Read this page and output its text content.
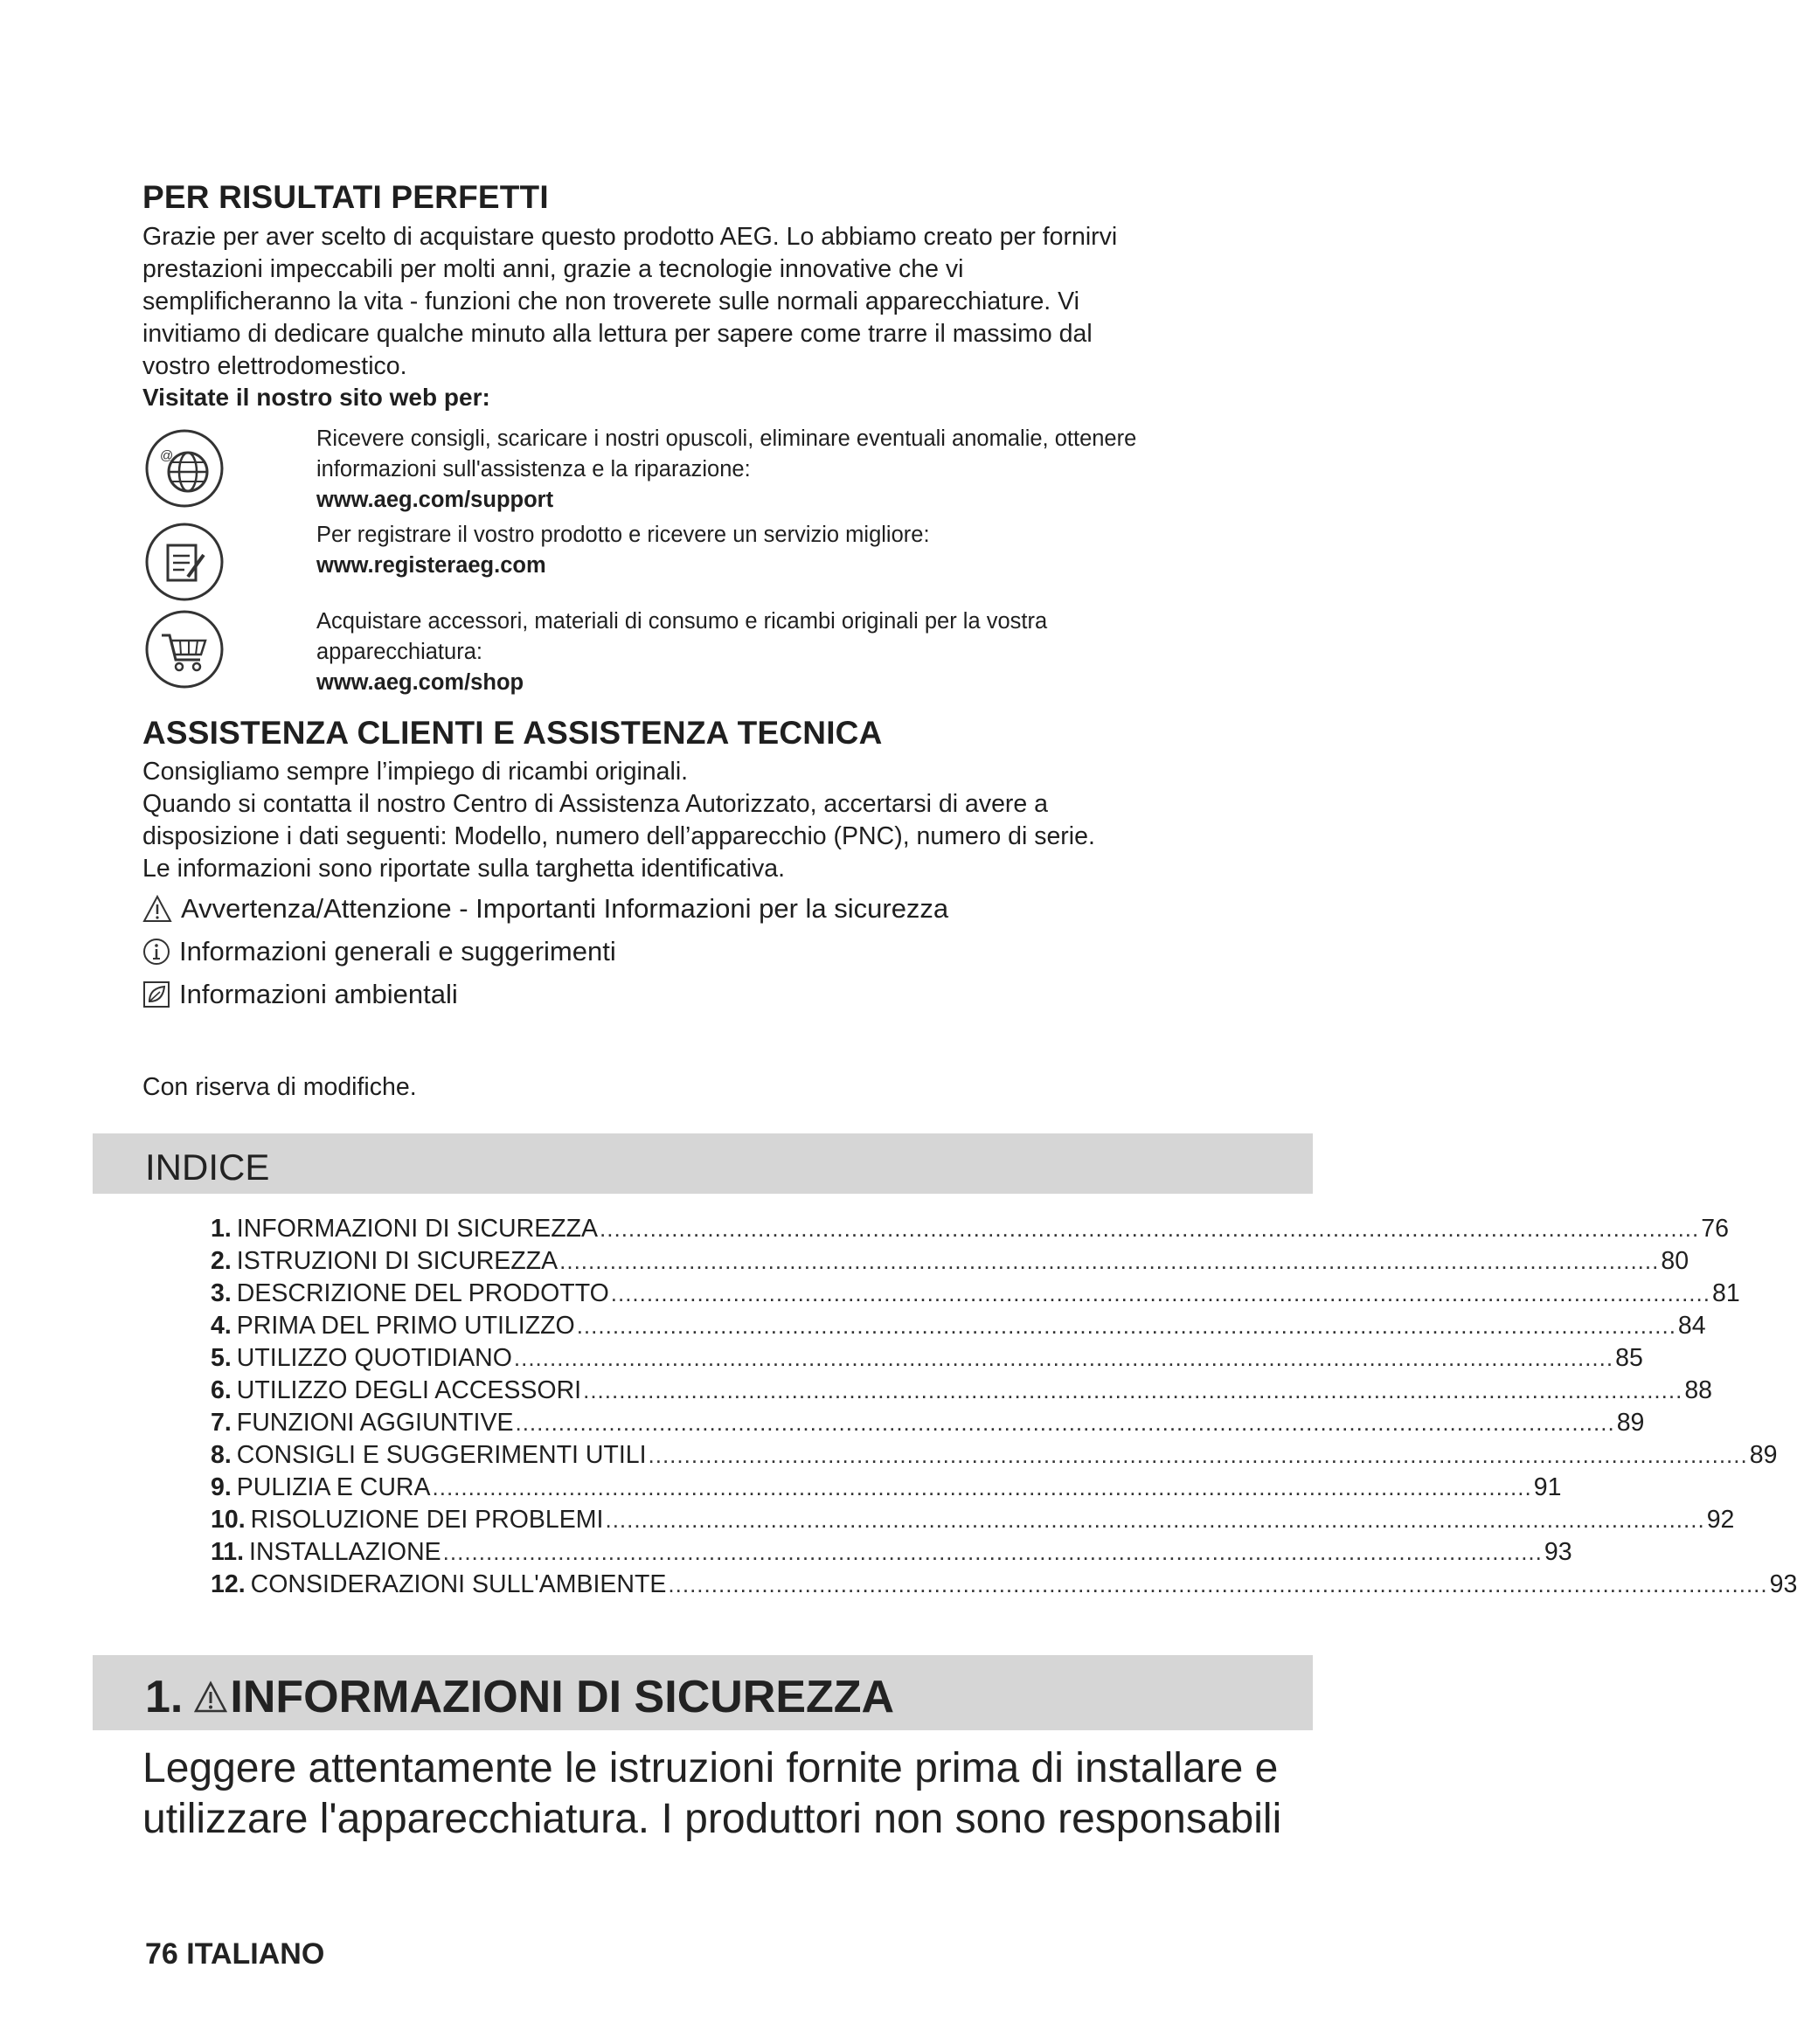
PER RISULTATI PERFETTI
Grazie per aver scelto di acquistare questo prodotto AEG. Lo abbiamo creato per fornirvi
prestazioni impeccabili per molti anni, grazie a tecnologie innovative che vi
semplificheranno la vita - funzioni che non troverete sulle normali apparecchiature. Vi
invitiamo di dedicare qualche minuto alla lettura per sapere come trarre il massimo dal
vostro elettrodomestico.
Visitate il nostro sito web per:
@
Ricevere consigli, scaricare i nostri opuscoli, eliminare eventuali anomalie, ottenere
informazioni sull'assistenza e la riparazione:
www.aeg.com/support
Per registrare il vostro prodotto e ricevere un servizio migliore:
www.registeraeg.com
Acquistare accessori, materiali di consumo e ricambi originali per la vostra
apparecchiatura:
www.aeg.com/shop
ASSISTENZA CLIENTI E ASSISTENZA TECNICA
Consigliamo sempre l’impiego di ricambi originali.
Quando si contatta il nostro Centro di Assistenza Autorizzato, accertarsi di avere a
disposizione i dati seguenti: Modello, numero dell’apparecchio (PNC), numero di serie.
Le informazioni sono riportate sulla targhetta identificativa.
Avvertenza/Attenzione - Importanti Informazioni per la sicurezza
Informazioni generali e suggerimenti
Informazioni ambientali
Con riserva di modifiche.
INDICE
1. INFORMAZIONI DI SICUREZZA ......................................................................................................................................................... 76
2. ISTRUZIONI DI SICUREZZA ......................................................................................................................................................... 80
3. DESCRIZIONE DEL PRODOTTO ......................................................................................................................................................... 81
4. PRIMA DEL PRIMO UTILIZZO ......................................................................................................................................................... 84
5. UTILIZZO QUOTIDIANO ......................................................................................................................................................... 85
6. UTILIZZO DEGLI ACCESSORI ......................................................................................................................................................... 88
7. FUNZIONI AGGIUNTIVE ......................................................................................................................................................... 89
8. CONSIGLI E SUGGERIMENTI UTILI ......................................................................................................................................................... 89
9. PULIZIA E CURA ......................................................................................................................................................... 91
10. RISOLUZIONE DEI PROBLEMI ......................................................................................................................................................... 92
11. INSTALLAZIONE ......................................................................................................................................................... 93
12. CONSIDERAZIONI SULL'AMBIENTE ......................................................................................................................................................... 93
1. INFORMAZIONI DI SICUREZZA
Leggere attentamente le istruzioni fornite prima di installare e
utilizzare l'apparecchiatura. I produttori non sono responsabili
76 ITALIANO
